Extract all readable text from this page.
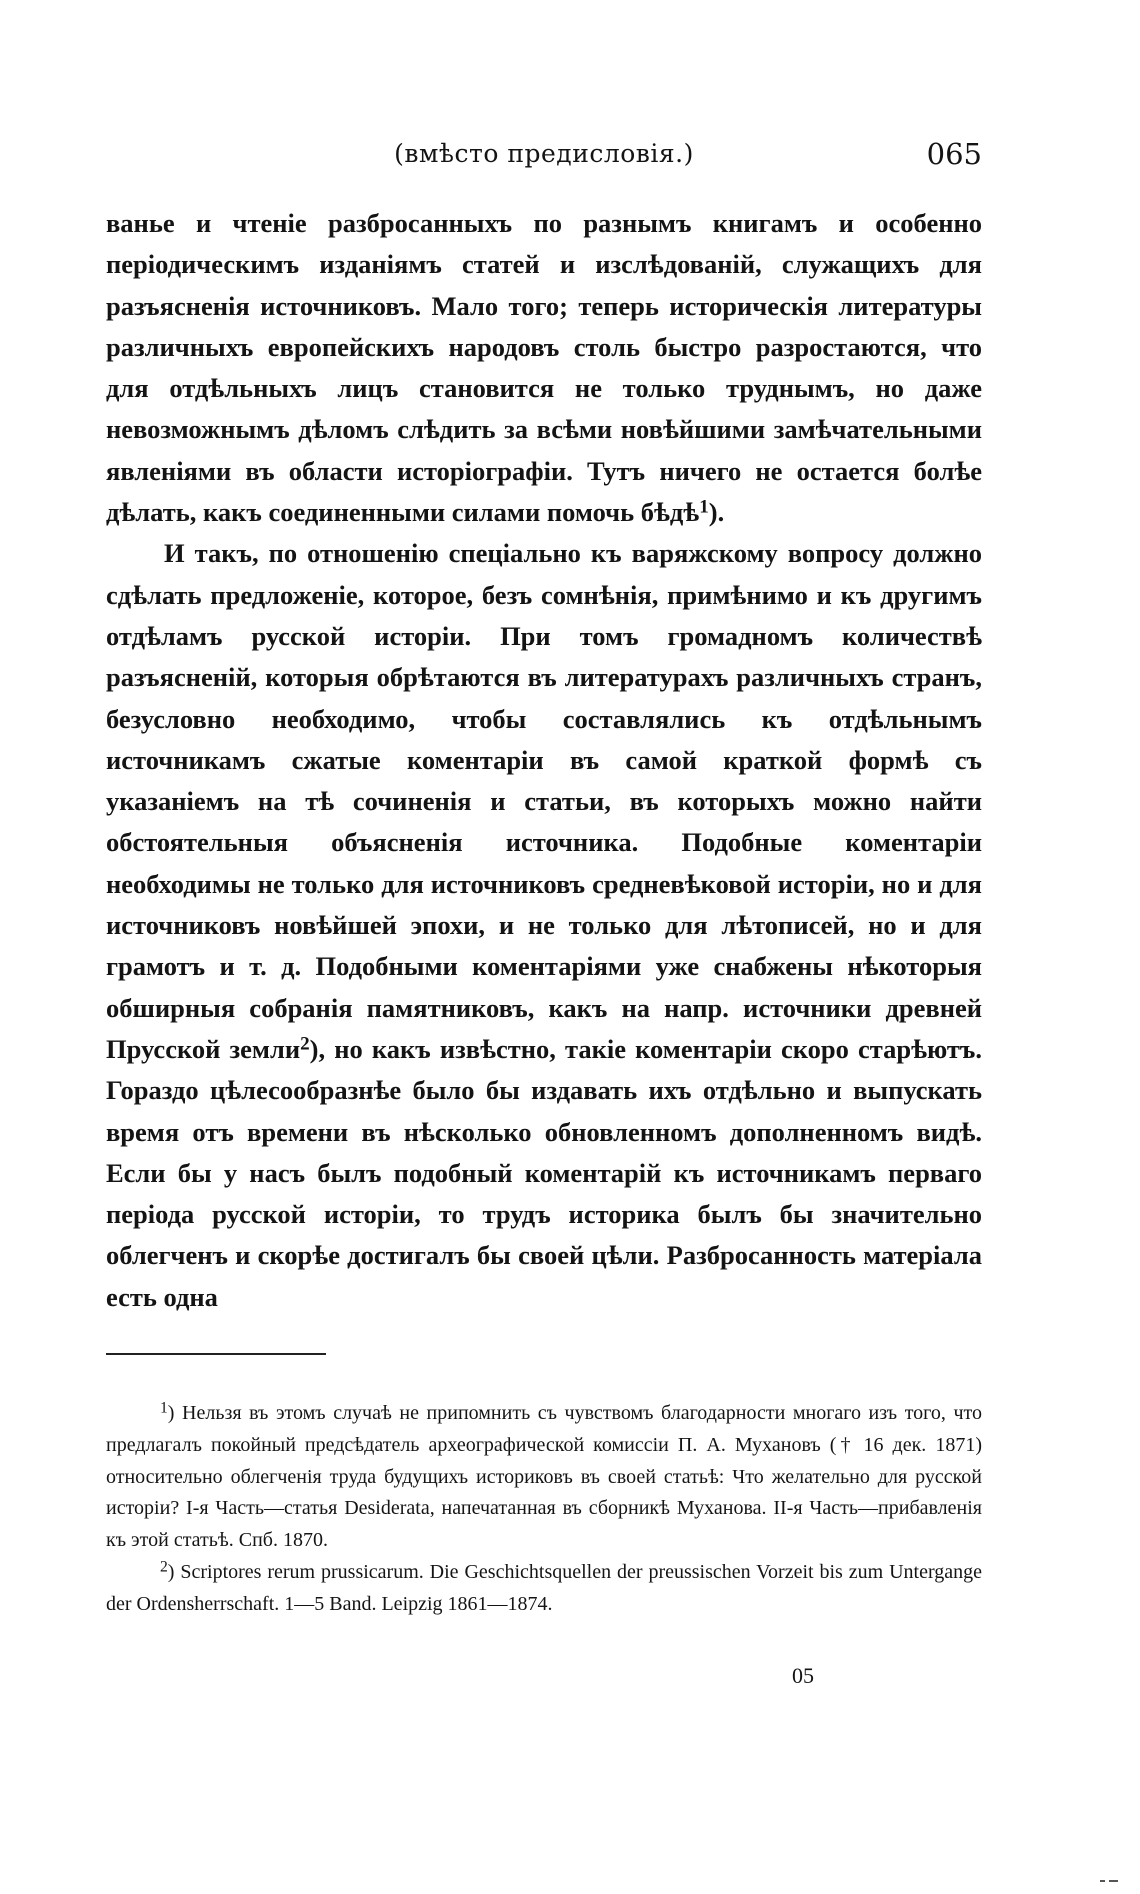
(вмѣсто предисловія.)	065

ванье и чтеніе разбросанныхъ по разнымъ книгамъ и особенно періодическимъ изданіямъ статей и изслѣдованій, служащихъ для разъясненія источниковъ. Мало того; теперь историческія литературы различныхъ европейскихъ народовъ столь быстро разростаются, что для отдѣльныхъ лицъ становится не только труднымъ, но даже невозможнымъ дѣломъ слѣдить за всѣми новѣйшими замѣчательными явленіями въ области исторіографіи. Тутъ ничего не остается болѣе дѣлать, какъ соединенными силами помочь бѣдѣ$^1$).

И такъ, по отношенію спеціально къ варяжскому вопросу должно сдѣлать предложеніе, которое, безъ сомнѣнія, примѣнимо и къ другимъ отдѣламъ русской исторіи. При томъ громадномъ количествѣ разъясненій, которыя обрѣтаются въ литературахъ различныхъ странъ, безусловно необходимо, чтобы составлялись къ отдѣльнымъ источникамъ сжатые коментаріи въ самой краткой формѣ съ указаніемъ на тѣ сочиненія и статьи, въ которыхъ можно найти обстоятельныя объясненія источника. Подобные коментаріи необходимы не только для источниковъ средневѣковой исторіи, но и для источниковъ новѣйшей эпохи, и не только для лѣтописей, но и для грамотъ и т. д. Подобными коментаріями уже снабжены нѣкоторыя обширныя собранія памятниковъ, какъ на напр. источники древней Прусской земли$^2$), но какъ извѣстно, такіе коментаріи скоро старѣютъ. Гораздо цѣлесообразнѣе было бы издавать ихъ отдѣльно и выпускать время отъ времени въ нѣсколько обновленномъ дополненномъ видѣ. Если бы у насъ былъ подобный коментарій къ источникамъ перваго періода русской исторіи, то трудъ историка былъ бы значительно облегченъ и скорѣе достигалъ бы своей цѣли. Разбросанность матеріала есть одна

$^1$) Нельзя въ этомъ случаѣ не припомнить съ чувствомъ благодарности многаго изъ того, что предлагалъ покойный предсѣдатель археографической комиссіи П. А. Мухановъ († 16 дек. 1871) относительно облегченія труда будущихъ историковъ въ своей статьѣ: Что желательно для русской исторіи? I-я Часть—статья Desiderata, напечатанная въ сборникѣ Муханова. II-я Часть—прибавленія къ этой статьѣ. Спб. 1870.

$^2$) Scriptores rerum prussicarum. Die Geschichtsquellen der preussischen Vorzeit bis zum Untergange der Ordensherrschaft. 1—5 Band. Leipzig 1861—1874.

05
